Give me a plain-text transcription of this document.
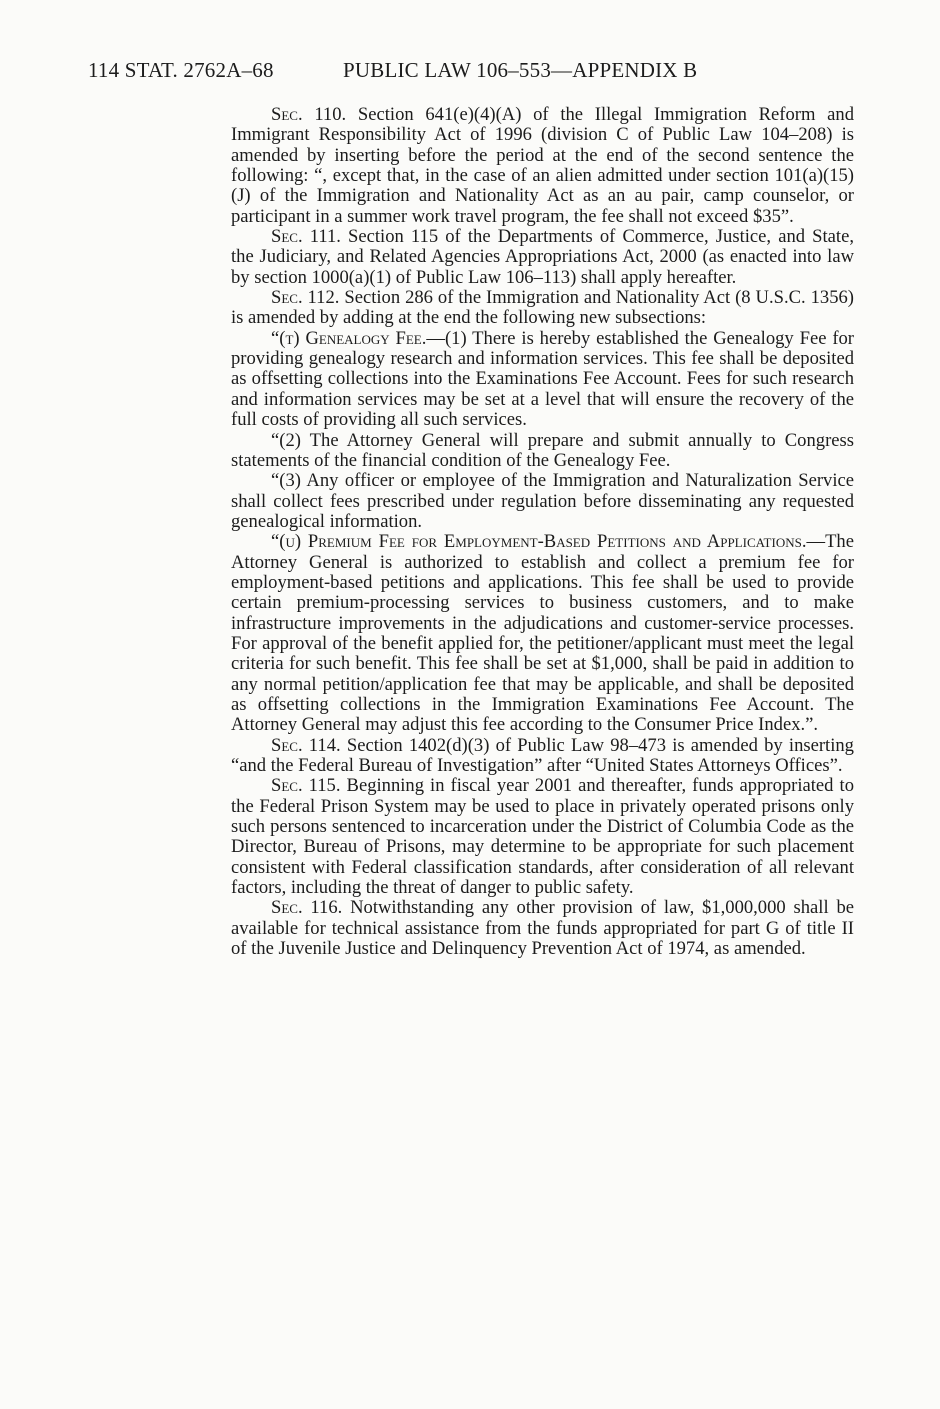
114 STAT. 2762A–68	PUBLIC LAW 106–553—APPENDIX B

Sec. 110. Section 641(e)(4)(A) of the Illegal Immigration Reform and Immigrant Responsibility Act of 1996 (division C of Public Law 104–208) is amended by inserting before the period at the end of the second sentence the following: “, except that, in the case of an alien admitted under section 101(a)(15)(J) of the Immigration and Nationality Act as an au pair, camp counselor, or participant in a summer work travel program, the fee shall not exceed $35”.

Sec. 111. Section 115 of the Departments of Commerce, Justice, and State, the Judiciary, and Related Agencies Appropriations Act, 2000 (as enacted into law by section 1000(a)(1) of Public Law 106–113) shall apply hereafter.

Sec. 112. Section 286 of the Immigration and Nationality Act (8 U.S.C. 1356) is amended by adding at the end the following new subsections:

“(t) Genealogy Fee.—(1) There is hereby established the Genealogy Fee for providing genealogy research and information services. This fee shall be deposited as offsetting collections into the Examinations Fee Account. Fees for such research and information services may be set at a level that will ensure the recovery of the full costs of providing all such services.

“(2) The Attorney General will prepare and submit annually to Congress statements of the financial condition of the Genealogy Fee.

“(3) Any officer or employee of the Immigration and Naturalization Service shall collect fees prescribed under regulation before disseminating any requested genealogical information.

“(u) Premium Fee for Employment-Based Petitions and Applications.—The Attorney General is authorized to establish and collect a premium fee for employment-based petitions and applications. This fee shall be used to provide certain premium-processing services to business customers, and to make infrastructure improvements in the adjudications and customer-service processes. For approval of the benefit applied for, the petitioner/applicant must meet the legal criteria for such benefit. This fee shall be set at $1,000, shall be paid in addition to any normal petition/application fee that may be applicable, and shall be deposited as offsetting collections in the Immigration Examinations Fee Account. The Attorney General may adjust this fee according to the Consumer Price Index.”.

Sec. 114. Section 1402(d)(3) of Public Law 98–473 is amended by inserting “and the Federal Bureau of Investigation” after “United States Attorneys Offices”.

Sec. 115. Beginning in fiscal year 2001 and thereafter, funds appropriated to the Federal Prison System may be used to place in privately operated prisons only such persons sentenced to incarceration under the District of Columbia Code as the Director, Bureau of Prisons, may determine to be appropriate for such placement consistent with Federal classification standards, after consideration of all relevant factors, including the threat of danger to public safety.

Sec. 116. Notwithstanding any other provision of law, $1,000,000 shall be available for technical assistance from the funds appropriated for part G of title II of the Juvenile Justice and Delinquency Prevention Act of 1974, as amended.
